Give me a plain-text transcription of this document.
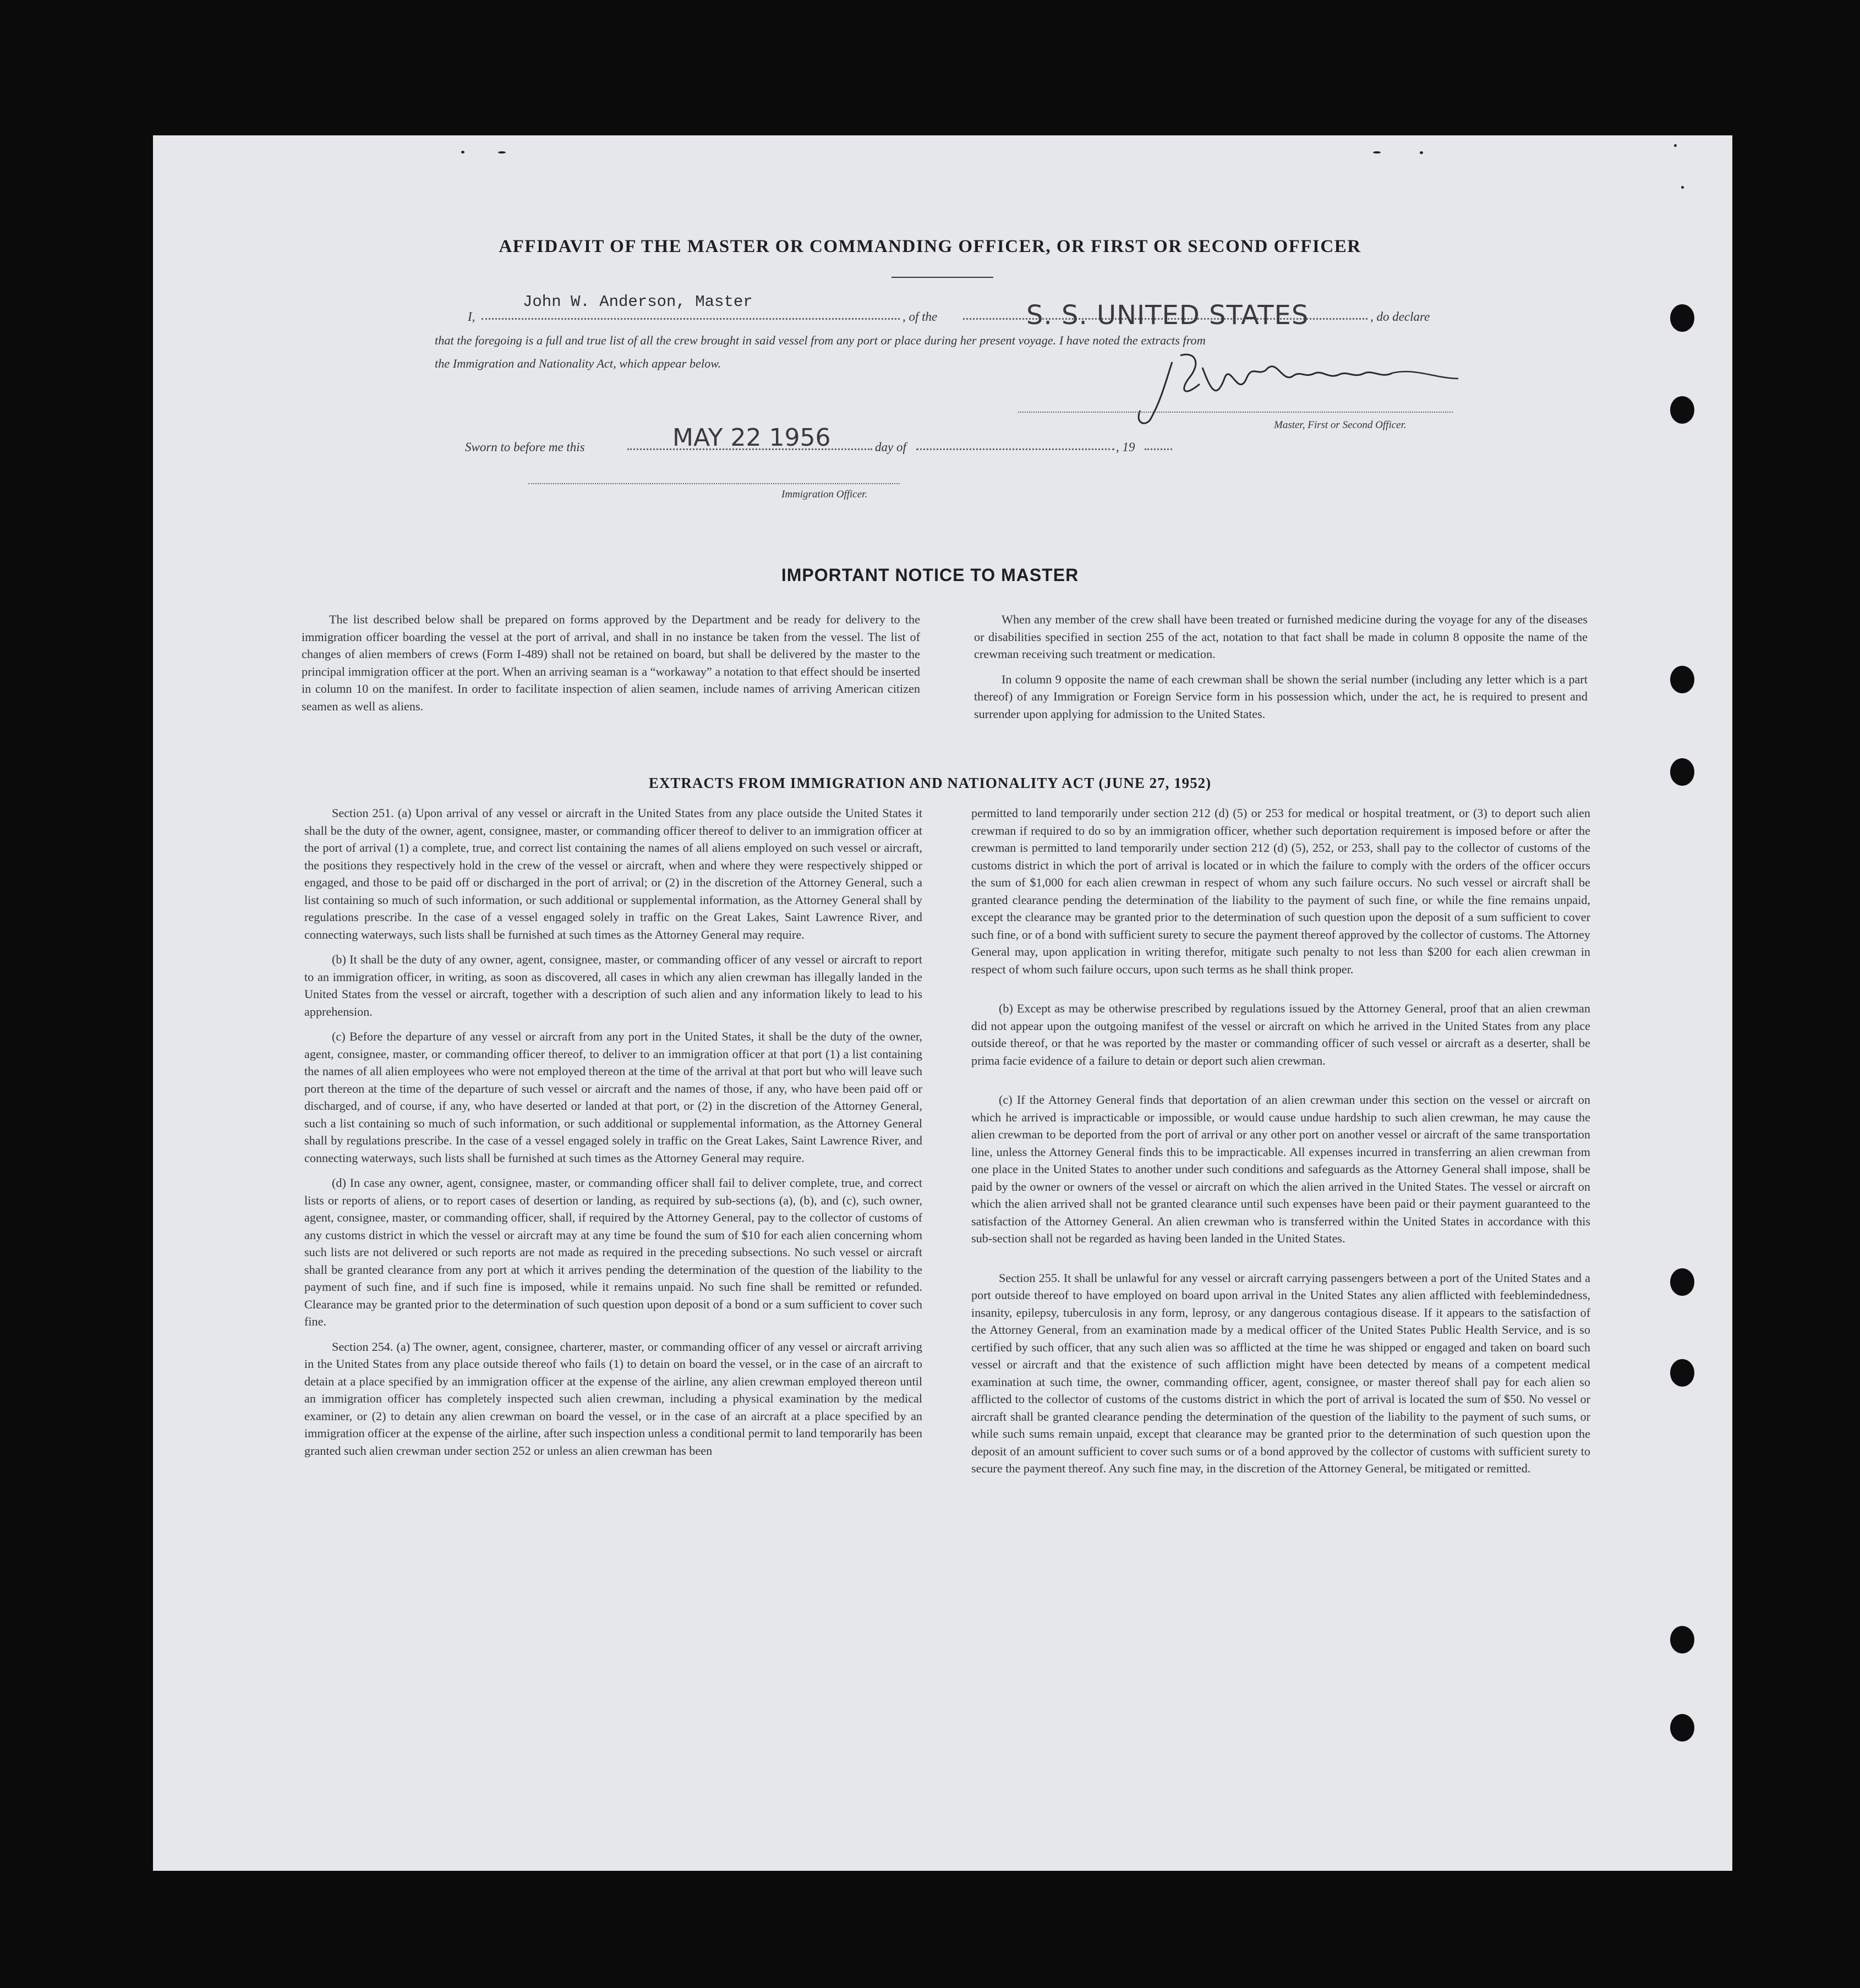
AFFIDAVIT OF THE MASTER OR COMMANDING OFFICER, OR FIRST OR SECOND OFFICER
I,
John W. Anderson, Master
, of the	S. S. UNITED STATES	, do declare
that the foregoing is a full and true list of all the crew brought in said vessel from any port or place during her present voyage. I have noted the extracts from
the Immigration and Nationality Act, which appear below.
Master, First or Second Officer.
Sworn to before me this	MAY 22 1956	day of	, 19
Immigration Officer.
IMPORTANT NOTICE TO MASTER

The list described below shall be prepared on forms approved by the Department and be ready for delivery to the immigration officer boarding the vessel at the port of arrival, and shall in no instance be taken from the vessel. The list of changes of alien members of crews (Form I-489) shall not be retained on board, but shall be delivered by the master to the principal immigration officer at the port. When an arriving seaman is a “workaway” a notation to that effect should be inserted in column 10 on the manifest. In order to facilitate inspection of alien seamen, include names of arriving American citizen seamen as well as aliens.

When any member of the crew shall have been treated or furnished medicine during the voyage for any of the diseases or disabilities specified in section 255 of the act, notation to that fact shall be made in column 8 opposite the name of the crewman receiving such treatment or medication.

In column 9 opposite the name of each crewman shall be shown the serial number (including any letter which is a part thereof) of any Immigration or Foreign Service form in his possession which, under the act, he is required to present and surrender upon applying for admission to the United States.

EXTRACTS FROM IMMIGRATION AND NATIONALITY ACT (JUNE 27, 1952)

Section 251. (a) Upon arrival of any vessel or aircraft in the United States from any place outside the United States it shall be the duty of the owner, agent, consignee, master, or commanding officer thereof to deliver to an immigration officer at the port of arrival (1) a complete, true, and correct list containing the names of all aliens employed on such vessel or aircraft, the positions they respectively hold in the crew of the vessel or aircraft, when and where they were respectively shipped or engaged, and those to be paid off or discharged in the port of arrival; or (2) in the discretion of the Attorney General, such a list containing so much of such information, or such additional or supplemental information, as the Attorney General shall by regulations prescribe. In the case of a vessel engaged solely in traffic on the Great Lakes, Saint Lawrence River, and connecting waterways, such lists shall be furnished at such times as the Attorney General may require.

(b) It shall be the duty of any owner, agent, consignee, master, or commanding officer of any vessel or aircraft to report to an immigration officer, in writing, as soon as discovered, all cases in which any alien crewman has illegally landed in the United States from the vessel or aircraft, together with a description of such alien and any information likely to lead to his apprehension.

(c) Before the departure of any vessel or aircraft from any port in the United States, it shall be the duty of the owner, agent, consignee, master, or commanding officer thereof, to deliver to an immigration officer at that port (1) a list containing the names of all alien employees who were not employed thereon at the time of the arrival at that port but who will leave such port thereon at the time of the departure of such vessel or aircraft and the names of those, if any, who have been paid off or discharged, and of course, if any, who have deserted or landed at that port, or (2) in the discretion of the Attorney General, such a list containing so much of such information, or such additional or supplemental information, as the Attorney General shall by regulations prescribe. In the case of a vessel engaged solely in traffic on the Great Lakes, Saint Lawrence River, and connecting waterways, such lists shall be furnished at such times as the Attorney General may require.

(d) In case any owner, agent, consignee, master, or commanding officer shall fail to deliver complete, true, and correct lists or reports of aliens, or to report cases of desertion or landing, as required by sub-sections (a), (b), and (c), such owner, agent, consignee, master, or commanding officer, shall, if required by the Attorney General, pay to the collector of customs of any customs district in which the vessel or aircraft may at any time be found the sum of $10 for each alien concerning whom such lists are not delivered or such reports are not made as required in the preceding subsections. No such vessel or aircraft shall be granted clearance from any port at which it arrives pending the determination of the question of the liability to the payment of such fine, and if such fine is imposed, while it remains unpaid. No such fine shall be remitted or refunded. Clearance may be granted prior to the determination of such question upon deposit of a bond or a sum sufficient to cover such fine.

Section 254. (a) The owner, agent, consignee, charterer, master, or commanding officer of any vessel or aircraft arriving in the United States from any place outside thereof who fails (1) to detain on board the vessel, or in the case of an aircraft to detain at a place specified by an immigration officer at the expense of the airline, any alien crewman employed thereon until an immigration officer has completely inspected such alien crewman, including a physical examination by the medical examiner, or (2) to detain any alien crewman on board the vessel, or in the case of an aircraft at a place specified by an immigration officer at the expense of the airline, after such inspection unless a conditional permit to land temporarily has been granted such alien crewman under section 252 or unless an alien crewman has been

permitted to land temporarily under section 212 (d) (5) or 253 for medical or hospital treatment, or (3) to deport such alien crewman if required to do so by an immigration officer, whether such deportation requirement is imposed before or after the crewman is permitted to land temporarily under section 212 (d) (5), 252, or 253, shall pay to the collector of customs of the customs district in which the port of arrival is located or in which the failure to comply with the orders of the officer occurs the sum of $1,000 for each alien crewman in respect of whom any such failure occurs. No such vessel or aircraft shall be granted clearance pending the determination of the liability to the payment of such fine, or while the fine remains unpaid, except the clearance may be granted prior to the determination of such question upon the deposit of a sum sufficient to cover such fine, or of a bond with sufficient surety to secure the payment thereof approved by the collector of customs. The Attorney General may, upon application in writing therefor, mitigate such penalty to not less than $200 for each alien crewman in respect of whom such failure occurs, upon such terms as he shall think proper.

(b) Except as may be otherwise prescribed by regulations issued by the Attorney General, proof that an alien crewman did not appear upon the outgoing manifest of the vessel or aircraft on which he arrived in the United States from any place outside thereof, or that he was reported by the master or commanding officer of such vessel or aircraft as a deserter, shall be prima facie evidence of a failure to detain or deport such alien crewman.

(c) If the Attorney General finds that deportation of an alien crewman under this section on the vessel or aircraft on which he arrived is impracticable or impossible, or would cause undue hardship to such alien crewman, he may cause the alien crewman to be deported from the port of arrival or any other port on another vessel or aircraft of the same transportation line, unless the Attorney General finds this to be impracticable. All expenses incurred in transferring an alien crewman from one place in the United States to another under such conditions and safeguards as the Attorney General shall impose, shall be paid by the owner or owners of the vessel or aircraft on which the alien arrived in the United States. The vessel or aircraft on which the alien arrived shall not be granted clearance until such expenses have been paid or their payment guaranteed to the satisfaction of the Attorney General. An alien crewman who is transferred within the United States in accordance with this sub-section shall not be regarded as having been landed in the United States.

Section 255. It shall be unlawful for any vessel or aircraft carrying passengers between a port of the United States and a port outside thereof to have employed on board upon arrival in the United States any alien afflicted with feeblemindedness, insanity, epilepsy, tuberculosis in any form, leprosy, or any dangerous contagious disease. If it appears to the satisfaction of the Attorney General, from an examination made by a medical officer of the United States Public Health Service, and is so certified by such officer, that any such alien was so afflicted at the time he was shipped or engaged and taken on board such vessel or aircraft and that the existence of such affliction might have been detected by means of a competent medical examination at such time, the owner, commanding officer, agent, consignee, or master thereof shall pay for each alien so afflicted to the collector of customs of the customs district in which the port of arrival is located the sum of $50. No vessel or aircraft shall be granted clearance pending the determination of the question of the liability to the payment of such sums, or while such sums remain unpaid, except that clearance may be granted prior to the determination of such question upon the deposit of an amount sufficient to cover such sums or of a bond approved by the collector of customs with sufficient surety to secure the payment thereof. Any such fine may, in the discretion of the Attorney General, be mitigated or remitted.
